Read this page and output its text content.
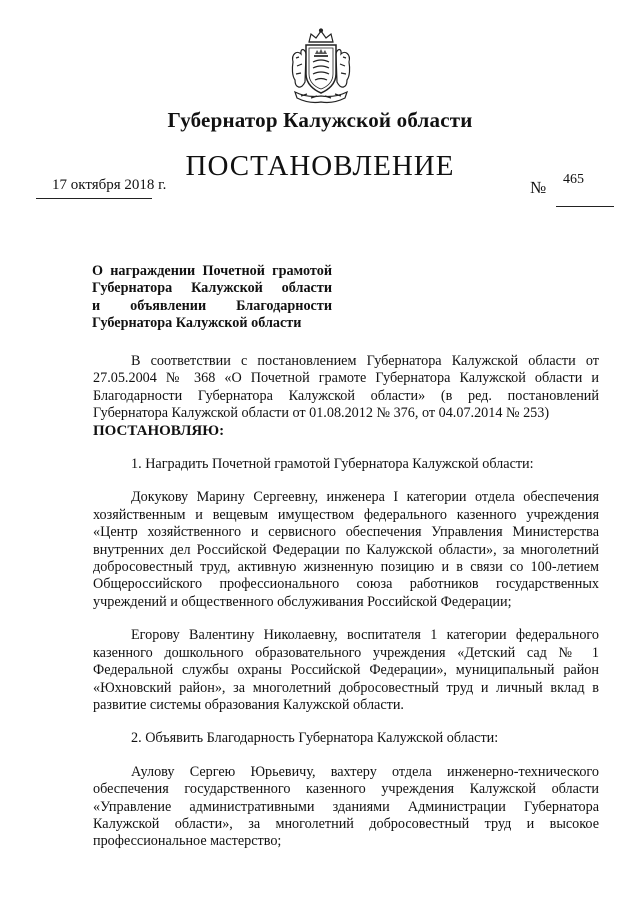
Губернатор Калужской области
ПОСТАНОВЛЕНИЕ
17 октября 2018 г.	№ 465
О награждении Почетной грамотой
Губернатора Калужской области
и объявлении Благодарности
Губернатора Калужской области

В соответствии с постановлением Губернатора Калужской области от 27.05.2004 № 368 «О Почетной грамоте Губернатора Калужской области и Благодарности Губернатора Калужской области» (в ред. постановлений Губернатора Калужской области от 01.08.2012 № 376, от 04.07.2014 № 253)

ПОСТАНОВЛЯЮ:

1. Наградить Почетной грамотой Губернатора Калужской области:

Докукову Марину Сергеевну, инженера I категории отдела обеспечения хозяйственным и вещевым имуществом федерального казенного учреждения «Центр хозяйственного и сервисного обеспечения Управления Министерства внутренних дел Российской Федерации по Калужской области», за многолетний добросовестный труд, активную жизненную позицию и в связи со 100-летием Общероссийского профессионального союза работников государственных учреждений и общественного обслуживания Российской Федерации;

Егорову Валентину Николаевну, воспитателя 1 категории федерального казенного дошкольного образовательного учреждения «Детский сад № 1 Федеральной службы охраны Российской Федерации», муниципальный район «Юхновский район», за многолетний добросовестный труд и личный вклад в развитие системы образования Калужской области.

2. Объявить Благодарность Губернатора Калужской области:

Аулову Сергею Юрьевичу, вахтеру отдела инженерно-технического обеспечения государственного казенного учреждения Калужской области «Управление административными зданиями Администрации Губернатора Калужской области», за многолетний добросовестный труд и высокое профессиональное мастерство;
